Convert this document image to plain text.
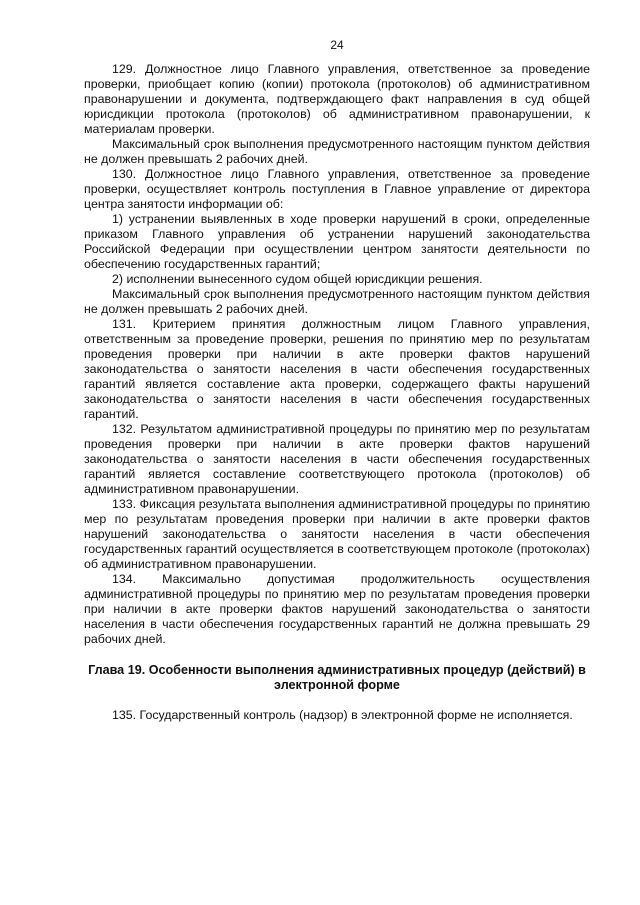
24

129. Должностное лицо Главного управления, ответственное за проведение проверки, приобщает копию (копии) протокола (протоколов) об административном правонарушении и документа, подтверждающего факт направления в суд общей юрисдикции протокола (протоколов) об административном правонарушении, к материалам проверки.

Максимальный срок выполнения предусмотренного настоящим пунктом действия не должен превышать 2 рабочих дней.

130. Должностное лицо Главного управления, ответственное за проведение проверки, осуществляет контроль поступления в Главное управление от директора центра занятости информации об:

1) устранении выявленных в ходе проверки нарушений в сроки, определенные приказом Главного управления об устранении нарушений законодательства Российской Федерации при осуществлении центром занятости деятельности по обеспечению государственных гарантий;

2) исполнении вынесенного судом общей юрисдикции решения.

Максимальный срок выполнения предусмотренного настоящим пунктом действия не должен превышать 2 рабочих дней.

131. Критерием принятия должностным лицом Главного управления, ответственным за проведение проверки, решения по принятию мер по результатам проведения проверки при наличии в акте проверки фактов нарушений законодательства о занятости населения в части обеспечения государственных гарантий является составление акта проверки, содержащего факты нарушений законодательства о занятости населения в части обеспечения государственных гарантий.

132. Результатом административной процедуры по принятию мер по результатам проведения проверки при наличии в акте проверки фактов нарушений законодательства о занятости населения в части обеспечения государственных гарантий является составление соответствующего протокола (протоколов) об административном правонарушении.

133. Фиксация результата выполнения административной процедуры по принятию мер по результатам проведения проверки при наличии в акте проверки фактов нарушений законодательства о занятости населения в части обеспечения государственных гарантий осуществляется в соответствующем протоколе (протоколах) об административном правонарушении.

134. Максимально допустимая продолжительность осуществления административной процедуры по принятию мер по результатам проведения проверки при наличии в акте проверки фактов нарушений законодательства о занятости населения в части обеспечения государственных гарантий не должна превышать 29 рабочих дней.

Глава 19. Особенности выполнения административных процедур (действий) в электронной форме

135. Государственный контроль (надзор) в электронной форме не исполняется.
